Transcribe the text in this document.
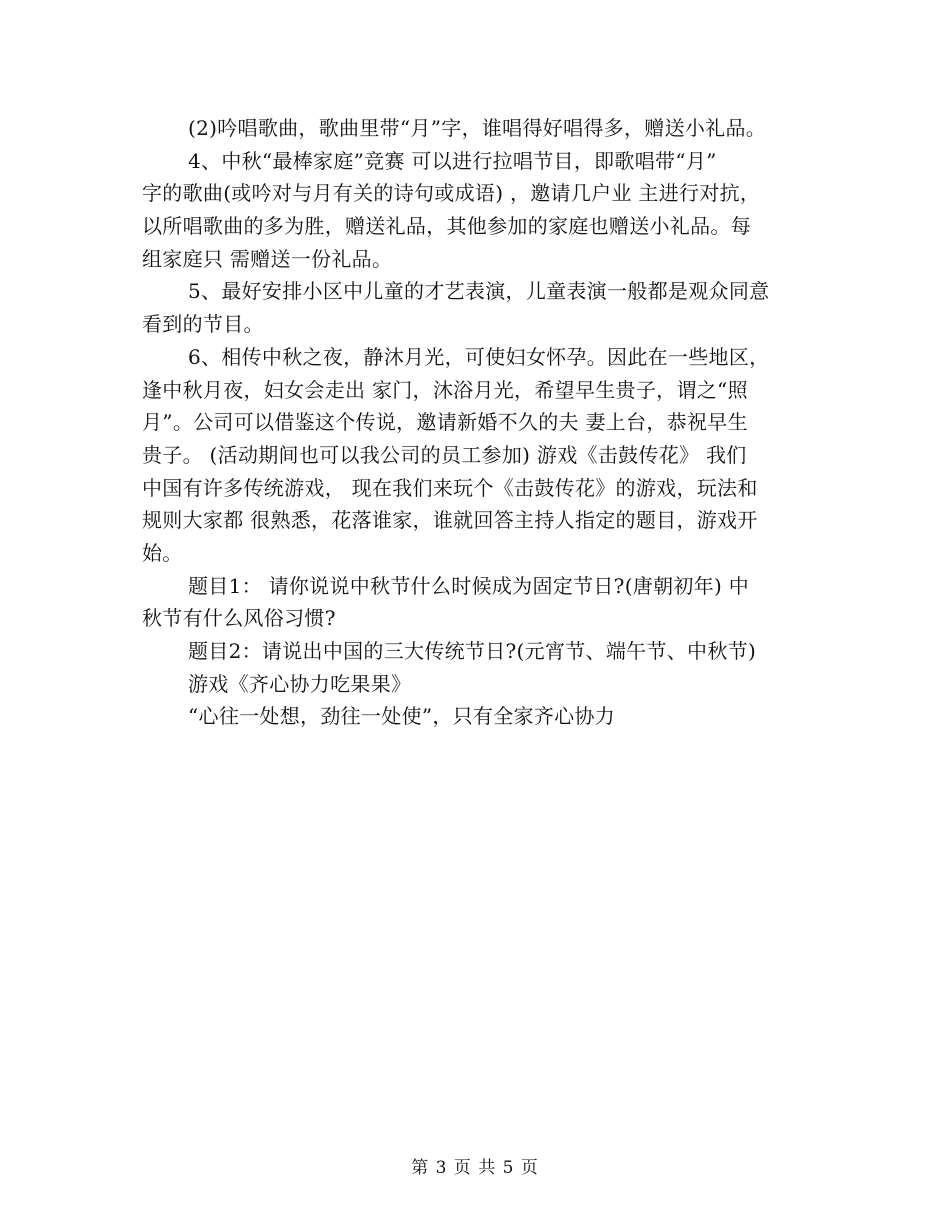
(2)吟唱歌曲，歌曲里带“月”字，谁唱得好唱得多，赠送小礼品。
4、中秋“最棒家庭”竞赛 可以进行拉唱节目，即歌唱带“月”
字的歌曲(或吟对与月有关的诗句或成语) ，邀请几户业 主进行对抗，
以所唱歌曲的多为胜，赠送礼品，其他参加的家庭也赠送小礼品。每
组家庭只 需赠送一份礼品。
5、最好安排小区中儿童的才艺表演，儿童表演一般都是观众同意
看到的节目。
6、相传中秋之夜，静沐月光，可使妇女怀孕。因此在一些地区，
逢中秋月夜，妇女会走出 家门，沐浴月光，希望早生贵子，谓之“照
月”。公司可以借鉴这个传说，邀请新婚不久的夫 妻上台，恭祝早生
贵子。 (活动期间也可以我公司的员工参加) 游戏《击鼓传花》 我们
中国有许多传统游戏， 现在我们来玩个《击鼓传花》的游戏，玩法和
规则大家都 很熟悉，花落谁家，谁就回答主持人指定的题目，游戏开
始。
题目1： 请你说说中秋节什么时候成为固定节日?(唐朝初年) 中
秋节有什么风俗习惯?
题目2：请说出中国的三大传统节日?(元宵节、端午节、中秋节)
游戏《齐心协力吃果果》
“心往一处想，劲往一处使”，只有全家齐心协力
第 3 页 共 5 页
